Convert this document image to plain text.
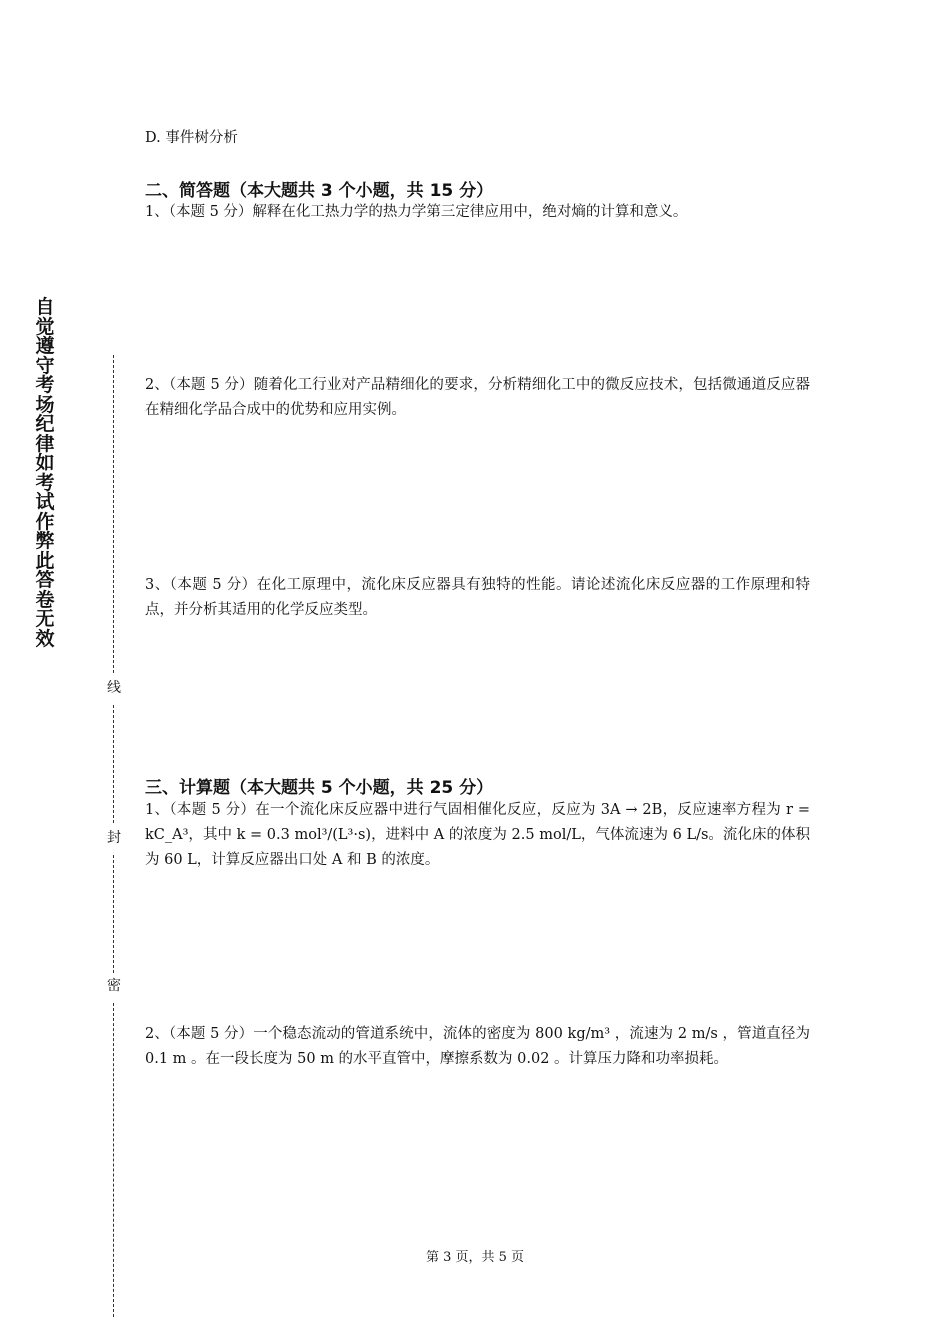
自觉遵守考场纪律如考试作弊此答卷无效
线
封
密
D. 事件树分析
二、简答题（本大题共 3 个小题，共 15 分）
1、（本题 5 分）解释在化工热力学的热力学第三定律应用中，绝对熵的计算和意义。
2、（本题 5 分）随着化工行业对产品精细化的要求，分析精细化工中的微反应技术，包括微通道反应器在精细化学品合成中的优势和应用实例。
3、（本题 5 分）在化工原理中，流化床反应器具有独特的性能。请论述流化床反应器的工作原理和特点，并分析其适用的化学反应类型。
三、计算题（本大题共 5 个小题，共 25 分）
1、（本题 5 分）在一个流化床反应器中进行气固相催化反应，反应为 3A → 2B，反应速率方程为 r = kC_A³，其中 k = 0.3 mol³/(L³·s)，进料中 A 的浓度为 2.5 mol/L，气体流速为 6 L/s。流化床的体积为 60 L，计算反应器出口处 A 和 B 的浓度。
2、（本题 5 分）一个稳态流动的管道系统中，流体的密度为 800 kg/m³ ，流速为 2 m/s ，管道直径为 0.1 m 。在一段长度为 50 m 的水平直管中，摩擦系数为 0.02 。计算压力降和功率损耗。
第 3 页，共 5 页
